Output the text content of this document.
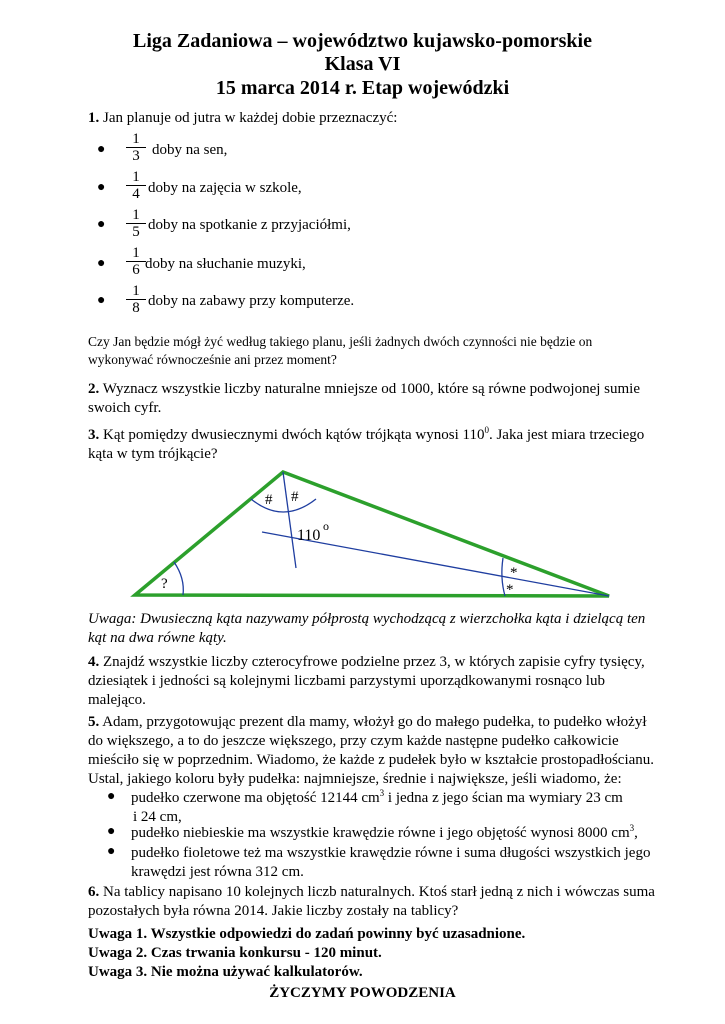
Liga Zadaniowa – województwo kujawsko-pomorskie
Klasa VI
15 marca 2014 r. Etap wojewódzki
1. Jan planuje od jutra w każdej dobie przeznaczyć:
● $\frac{1}{3}$ doby na sen,
● $\frac{1}{4}$ doby na zajęcia w szkole,
● $\frac{1}{5}$ doby na spotkanie z przyjaciółmi,
● $\frac{1}{6}$ doby na słuchanie muzyki,
● $\frac{1}{8}$ doby na zabawy przy komputerze.
Czy Jan będzie mógł żyć według takiego planu, jeśli żadnych dwóch czynności nie będzie on
wykonywać równocześnie ani przez moment?
2. Wyznacz wszystkie liczby naturalne mniejsze od 1000, które są równe podwojonej sumie
swoich cyfr.
3. Kąt pomiędzy dwusiecznymi dwóch kątów trójkąta wynosi $110^0$. Jaka jest miara trzeciego
kąta w tym trójkącie?
# #
110
o
?
*
*
Uwaga: Dwusieczną kąta nazywamy półprostą wychodzącą z wierzchołka kąta i dzielącą ten
kąt na dwa równe kąty.
4. Znajdź wszystkie liczby czterocyfrowe podzielne przez 3, w których zapisie cyfry tysięcy,
dziesiątek i jedności są kolejnymi liczbami parzystymi uporządkowanymi rosnąco lub
malejąco.
5. Adam, przygotowując prezent dla mamy, włożył go do małego pudełka, to pudełko włożył
do większego, a to do jeszcze większego, przy czym każde następne pudełko całkowicie
mieściło się w poprzednim. Wiadomo, że każde z pudełek było w kształcie prostopadłościanu.
Ustal, jakiego koloru były pudełka: najmniejsze, średnie i największe, jeśli wiadomo, że:
● pudełko czerwone ma objętość 12144 $cm^3$ i jedna z jego ścian ma wymiary 23 cm
i 24 cm,
● pudełko niebieskie ma wszystkie krawędzie równe i jego objętość wynosi 8000 $cm^3$,
● pudełko fioletowe też ma wszystkie krawędzie równe i suma długości wszystkich jego
krawędzi jest równa 312 cm.
6. Na tablicy napisano 10 kolejnych liczb naturalnych. Ktoś starł jedną z nich i wówczas suma
pozostałych była równa 2014. Jakie liczby zostały na tablicy?
Uwaga 1. Wszystkie odpowiedzi do zadań powinny być uzasadnione.
Uwaga 2. Czas trwania konkursu - 120 minut.
Uwaga 3. Nie można używać kalkulatorów.
ŻYCZYMY POWODZENIA
